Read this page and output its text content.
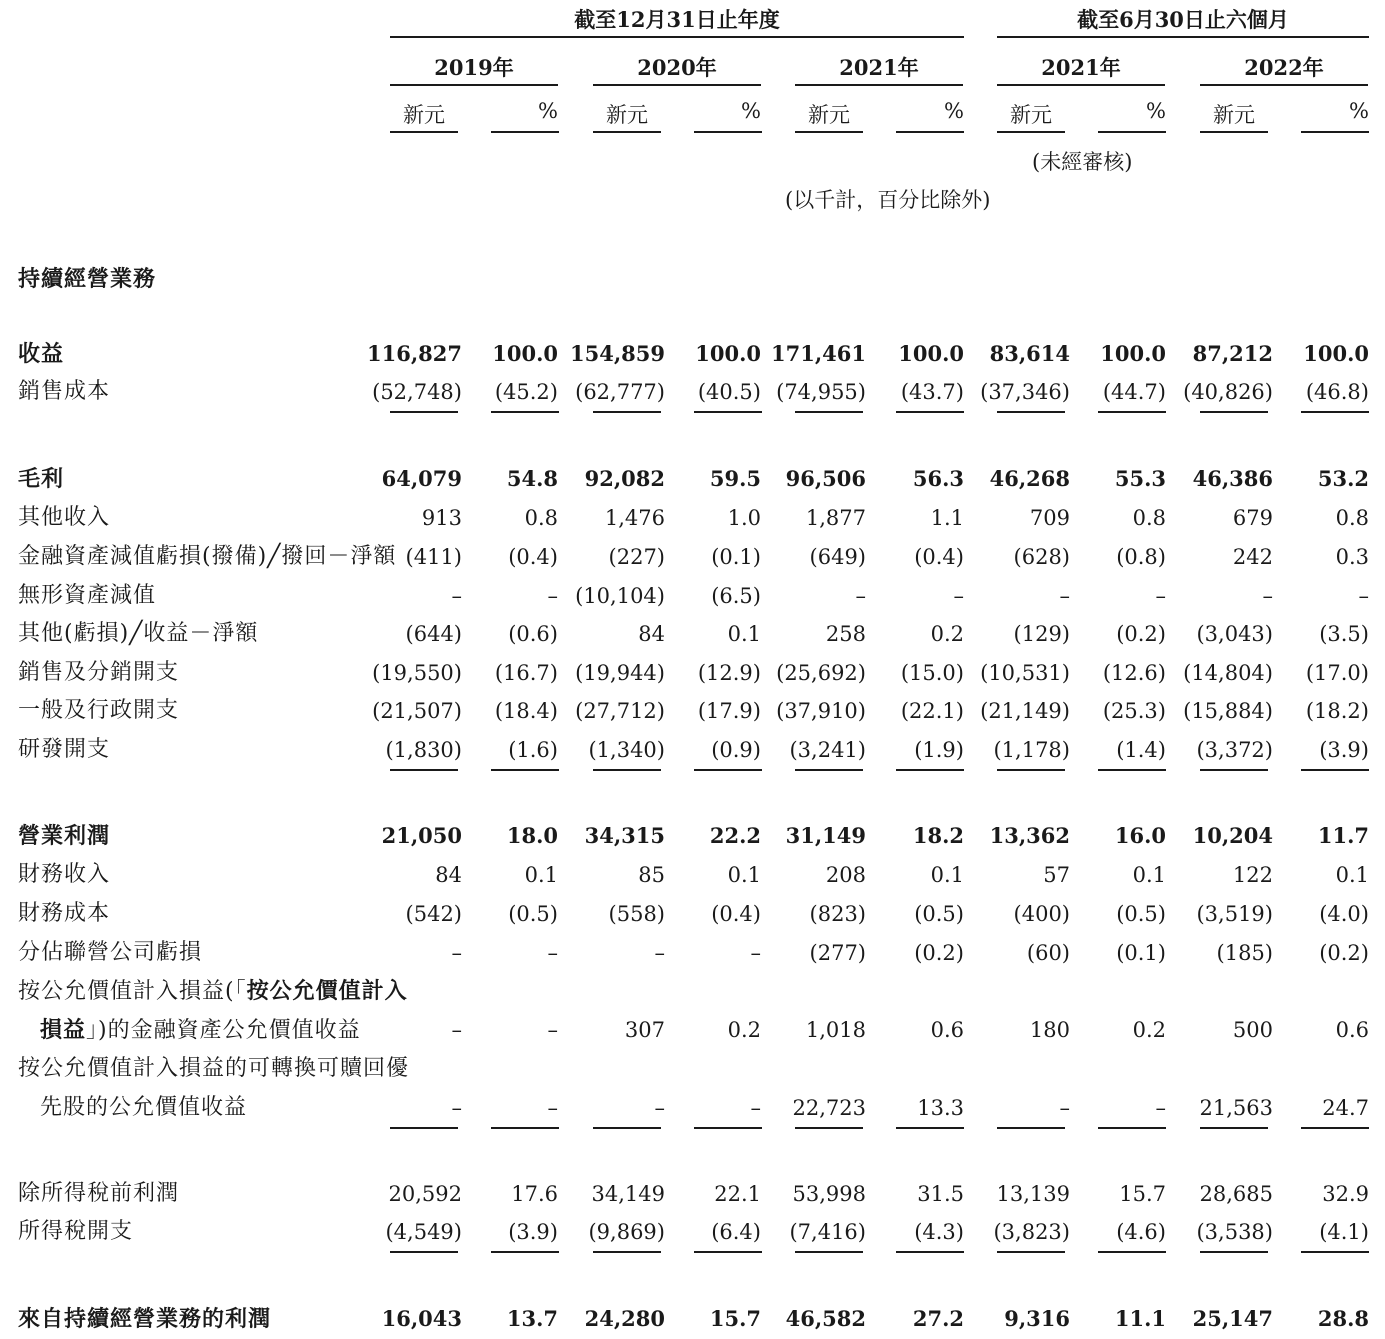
截至12月31日止年度	截至6月30日止六個月
2019年	2020年	2021年	2021年	2022年
新元	%	新元	%	新元	%	新元	%	新元	%
(未經審核)
(以千計，百分比除外)
持續經營業務
收益	116,827	100.0 154,859	100.0 171,461	100.0	83,614	100.0	87,212	100.0
銷售成本	(52,748)	(45.2) (62,777)	(40.5) (74,955)	(43.7) (37,346)	(44.7) (40,826)	(46.8)
毛利	64,079	54.8	92,082	59.5	96,506	56.3	46,268	55.3	46,386	53.2
其他收入	913	0.8	1,476	1.0	1,877	1.1	709	0.8	679	0.8
金融資產減值虧損(撥備)╱撥回－淨額 (411)	(0.4)	(227)	(0.1)	(649)	(0.4)	(628)	(0.8)	242	0.3
無形資產減值	–	– (10,104)	(6.5)	–	–	–	–	–	–
其他(虧損)╱收益－淨額	(644)	(0.6)	84	0.1	258	0.2	(129)	(0.2)	(3,043)	(3.5)
銷售及分銷開支	(19,550)	(16.7) (19,944)	(12.9) (25,692)	(15.0) (10,531)	(12.6) (14,804)	(17.0)
一般及行政開支	(21,507)	(18.4) (27,712)	(17.9) (37,910)	(22.1) (21,149)	(25.3) (15,884)	(18.2)
研發開支	(1,830)	(1.6)	(1,340)	(0.9)	(3,241)	(1.9)	(1,178)	(1.4)	(3,372)	(3.9)
營業利潤	21,050	18.0	34,315	22.2	31,149	18.2	13,362	16.0	10,204	11.7
財務收入	84	0.1	85	0.1	208	0.1	57	0.1	122	0.1
財務成本	(542)	(0.5)	(558)	(0.4)	(823)	(0.5)	(400)	(0.5)	(3,519)	(4.0)
分佔聯營公司虧損	–	–	–	–	(277)	(0.2)	(60)	(0.1)	(185)	(0.2)
按公允價值計入損益(「按公允價值計入
損益」)的金融資產公允價值收益	–	–	307	0.2	1,018	0.6	180	0.2	500	0.6
按公允價值計入損益的可轉換可贖回優
先股的公允價值收益	–	–	–	–	22,723	13.3	–	–	21,563	24.7
除所得稅前利潤	20,592	17.6	34,149	22.1	53,998	31.5	13,139	15.7	28,685	32.9
所得稅開支	(4,549)	(3.9)	(9,869)	(6.4)	(7,416)	(4.3)	(3,823)	(4.6)	(3,538)	(4.1)
來自持續經營業務的利潤	16,043	13.7	24,280	15.7	46,582	27.2	9,316	11.1	25,147	28.8
